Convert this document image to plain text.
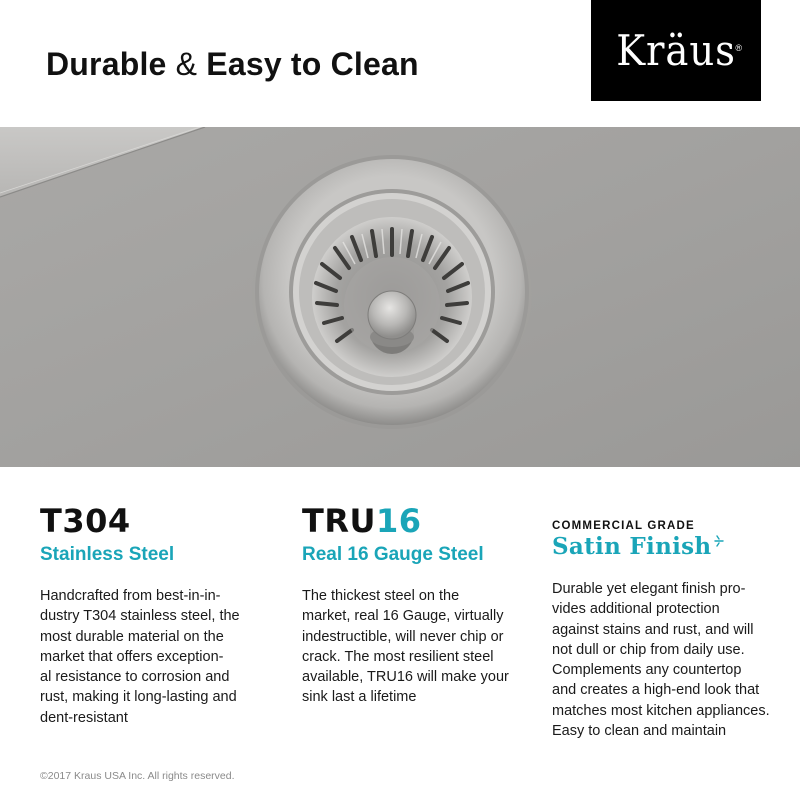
Durable & Easy to Clean	Kräus ®
T304
Stainless Steel
Handcrafted from best-in-in-
dustry T304 stainless steel, the
most durable material on the
market that offers exception-
al resistance to corrosion and
rust, making it long-lasting and
dent-resistant
TRU16
Real 16 Gauge Steel
The thickest steel on the
market, real 16 Gauge, virtually
indestructible, will never chip or
crack. The most resilient steel
available, TRU16 will make your
sink last a lifetime
COMMERCIAL GRADE
Satin Finish
Durable yet elegant finish pro-
vides additional protection
against stains and rust, and will
not dull or chip from daily use.
Complements any countertop
and creates a high-end look that
matches most kitchen appliances.
Easy to clean and maintain
©2017 Kraus USA Inc. All rights reserved.
